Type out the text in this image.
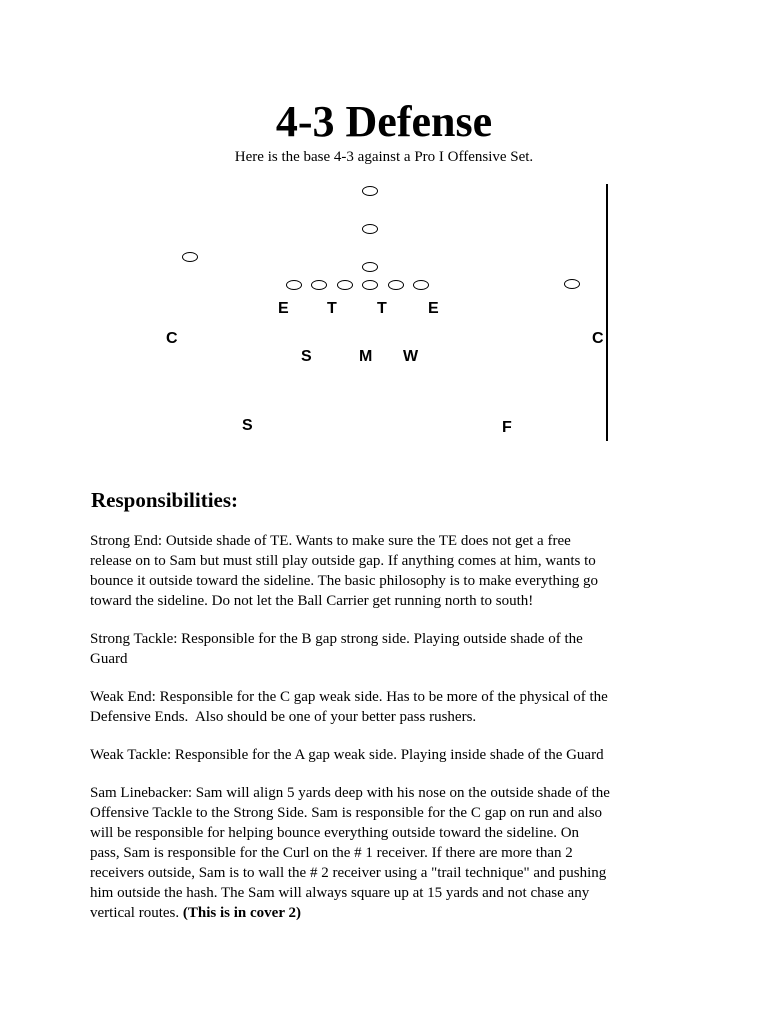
4-3 Defense

Here is the base 4-3 against a Pro I Offensive Set.

E T	T	E
C	C
S	M W
S	F
Responsibilities:

Strong End: Outside shade of TE. Wants to make sure the TE does not get a free
release on to Sam but must still play outside gap. If anything comes at him, wants to
bounce it outside toward the sideline. The basic philosophy is to make everything go
toward the sideline. Do not let the Ball Carrier get running north to south!

Strong Tackle: Responsible for the B gap strong side. Playing outside shade of the
Guard

Weak End: Responsible for the C gap weak side. Has to be more of the physical of the
Defensive Ends.  Also should be one of your better pass rushers.

Weak Tackle: Responsible for the A gap weak side. Playing inside shade of the Guard

Sam Linebacker: Sam will align 5 yards deep with his nose on the outside shade of the
Offensive Tackle to the Strong Side. Sam is responsible for the C gap on run and also
will be responsible for helping bounce everything outside toward the sideline. On
pass, Sam is responsible for the Curl on the # 1 receiver. If there are more than 2
receivers outside, Sam is to wall the # 2 receiver using a "trail technique" and pushing
him outside the hash. The Sam will always square up at 15 yards and not chase any
vertical routes. (This is in cover 2)
